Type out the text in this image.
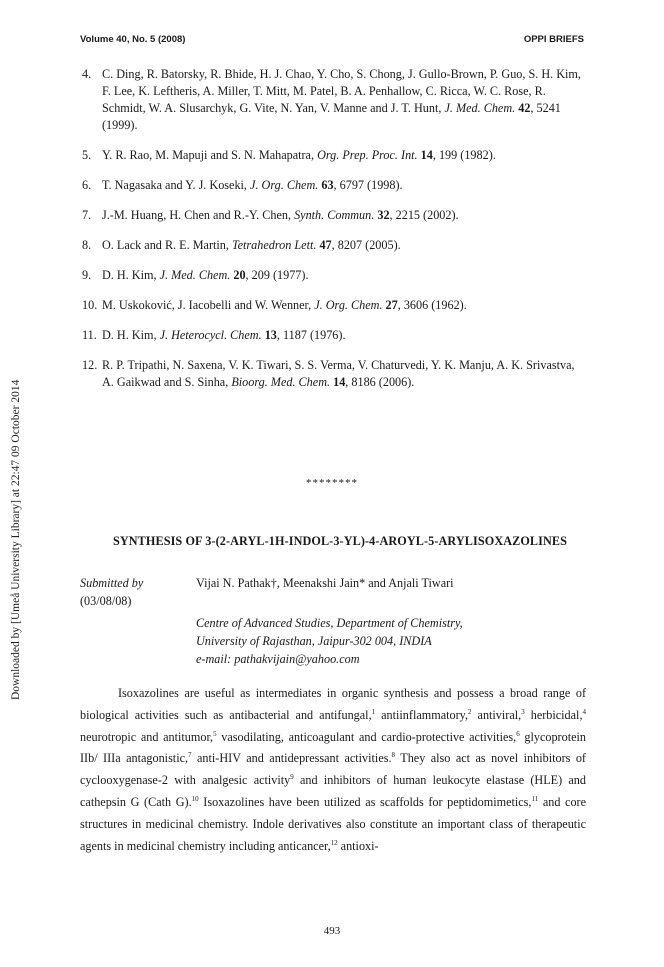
Volume 40, No. 5 (2008)	OPPI BRIEFS
Downloaded by [Umeå University Library] at 22:47 09 October 2014

4. C. Ding, R. Batorsky, R. Bhide, H. J. Chao, Y. Cho, S. Chong, J. Gullo-Brown, P. Guo, S. H. Kim, F. Lee, K. Leftheris, A. Miller, T. Mitt, M. Patel, B. A. Penhallow, C. Ricca, W. C. Rose, R. Schmidt, W. A. Slusarchyk, G. Vite, N. Yan, V. Manne and J. T. Hunt, J. Med. Chem. 42, 5241 (1999).

5. Y. R. Rao, M. Mapuji and S. N. Mahapatra, Org. Prep. Proc. Int. 14, 199 (1982).

6. T. Nagasaka and Y. J. Koseki, J. Org. Chem. 63, 6797 (1998).

7. J.-M. Huang, H. Chen and R.-Y. Chen, Synth. Commun. 32, 2215 (2002).

8. O. Lack and R. E. Martin, Tetrahedron Lett. 47, 8207 (2005).

9. D. H. Kim, J. Med. Chem. 20, 209 (1977).

10. M. Uskoković, J. Iacobelli and W. Wenner, J. Org. Chem. 27, 3606 (1962).

11. D. H. Kim, J. Heterocycl. Chem. 13, 1187 (1976).

12. R. P. Tripathi, N. Saxena, V. K. Tiwari, S. S. Verma, V. Chaturvedi, Y. K. Manju, A. K. Srivastva, A. Gaikwad and S. Sinha, Bioorg. Med. Chem. 14, 8186 (2006).

********
SYNTHESIS OF 3-(2-ARYL-1H-INDOL-3-YL)-4-AROYL-5-ARYLISOXAZOLINES
Submitted by
(03/08/08)
Vijai N. Pathak†, Meenakshi Jain* and Anjali Tiwari
Centre of Advanced Studies, Department of Chemistry,
University of Rajasthan, Jaipur-302 004, INDIA
e-mail: pathakvijain@yahoo.com

Isoxazolines are useful as intermediates in organic synthesis and possess a broad range of biological activities such as antibacterial and antifungal,$^1$ antiinflammatory,$^2$ antiviral,$^3$ herbicidal,$^4$ neurotropic and antitumor,$^5$ vasodilating, anticoagulant and cardio-protective activities,$^6$ glycoprotein IIb/ IIIa antagonistic,$^7$ anti-HIV and antidepressant activities.$^8$ They also act as novel inhibitors of cyclooxygenase-2 with analgesic activity$^9$ and inhibitors of human leukocyte elastase (HLE) and cathepsin G (Cath G).$^{10}$ Isoxazolines have been utilized as scaffolds for peptidomimetics,$^{11}$ and core structures in medicinal chemistry. Indole derivatives also constitute an important class of therapeutic agents in medicinal chemistry including anticancer,$^{12}$ antioxi-

493
